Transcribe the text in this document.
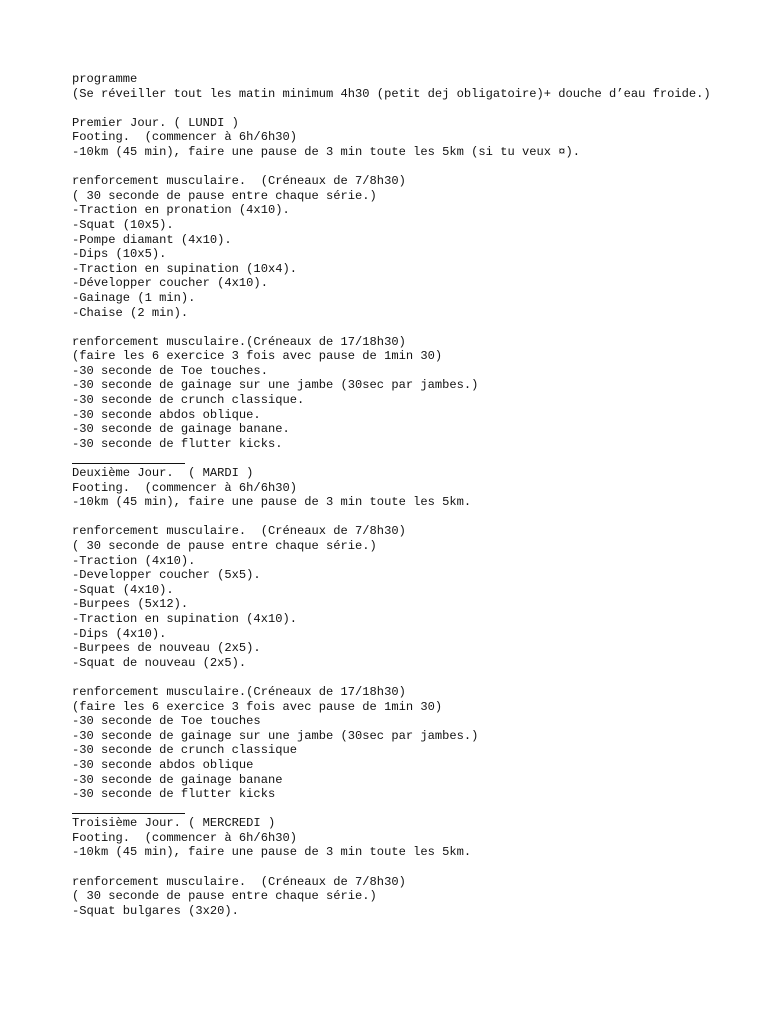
programme
(Se réveiller tout les matin minimum 4h30 (petit dej obligatoire)+ douche d’eau froide.)
Premier Jour. ( LUNDI )
Footing.  (commencer à 6h/6h30)
-10km (45 min), faire une pause de 3 min toute les 5km (si tu veux ¤).
renforcement musculaire.  (Créneaux de 7/8h30)
( 30 seconde de pause entre chaque série.)
-Traction en pronation (4x10).
-Squat (10x5).
-Pompe diamant (4x10).
-Dips (10x5).
-Traction en supination (10x4).
-Développer coucher (4x10).
-Gainage (1 min).
-Chaise (2 min).
renforcement musculaire.(Créneaux de 17/18h30)
(faire les 6 exercice 3 fois avec pause de 1min 30)
-30 seconde de Toe touches.
-30 seconde de gainage sur une jambe (30sec par jambes.)
-30 seconde de crunch classique.
-30 seconde abdos oblique.
-30 seconde de gainage banane.
-30 seconde de flutter kicks.
Deuxième Jour.  ( MARDI )
Footing.  (commencer à 6h/6h30)
-10km (45 min), faire une pause de 3 min toute les 5km.
renforcement musculaire.  (Créneaux de 7/8h30)
( 30 seconde de pause entre chaque série.)
-Traction (4x10).
-Developper coucher (5x5).
-Squat (4x10).
-Burpees (5x12).
-Traction en supination (4x10).
-Dips (4x10).
-Burpees de nouveau (2x5).
-Squat de nouveau (2x5).
renforcement musculaire.(Créneaux de 17/18h30)
(faire les 6 exercice 3 fois avec pause de 1min 30)
-30 seconde de Toe touches
-30 seconde de gainage sur une jambe (30sec par jambes.)
-30 seconde de crunch classique
-30 seconde abdos oblique
-30 seconde de gainage banane
-30 seconde de flutter kicks
Troisième Jour. ( MERCREDI )
Footing.  (commencer à 6h/6h30)
-10km (45 min), faire une pause de 3 min toute les 5km.
renforcement musculaire.  (Créneaux de 7/8h30)
( 30 seconde de pause entre chaque série.)
-Squat bulgares (3x20).
